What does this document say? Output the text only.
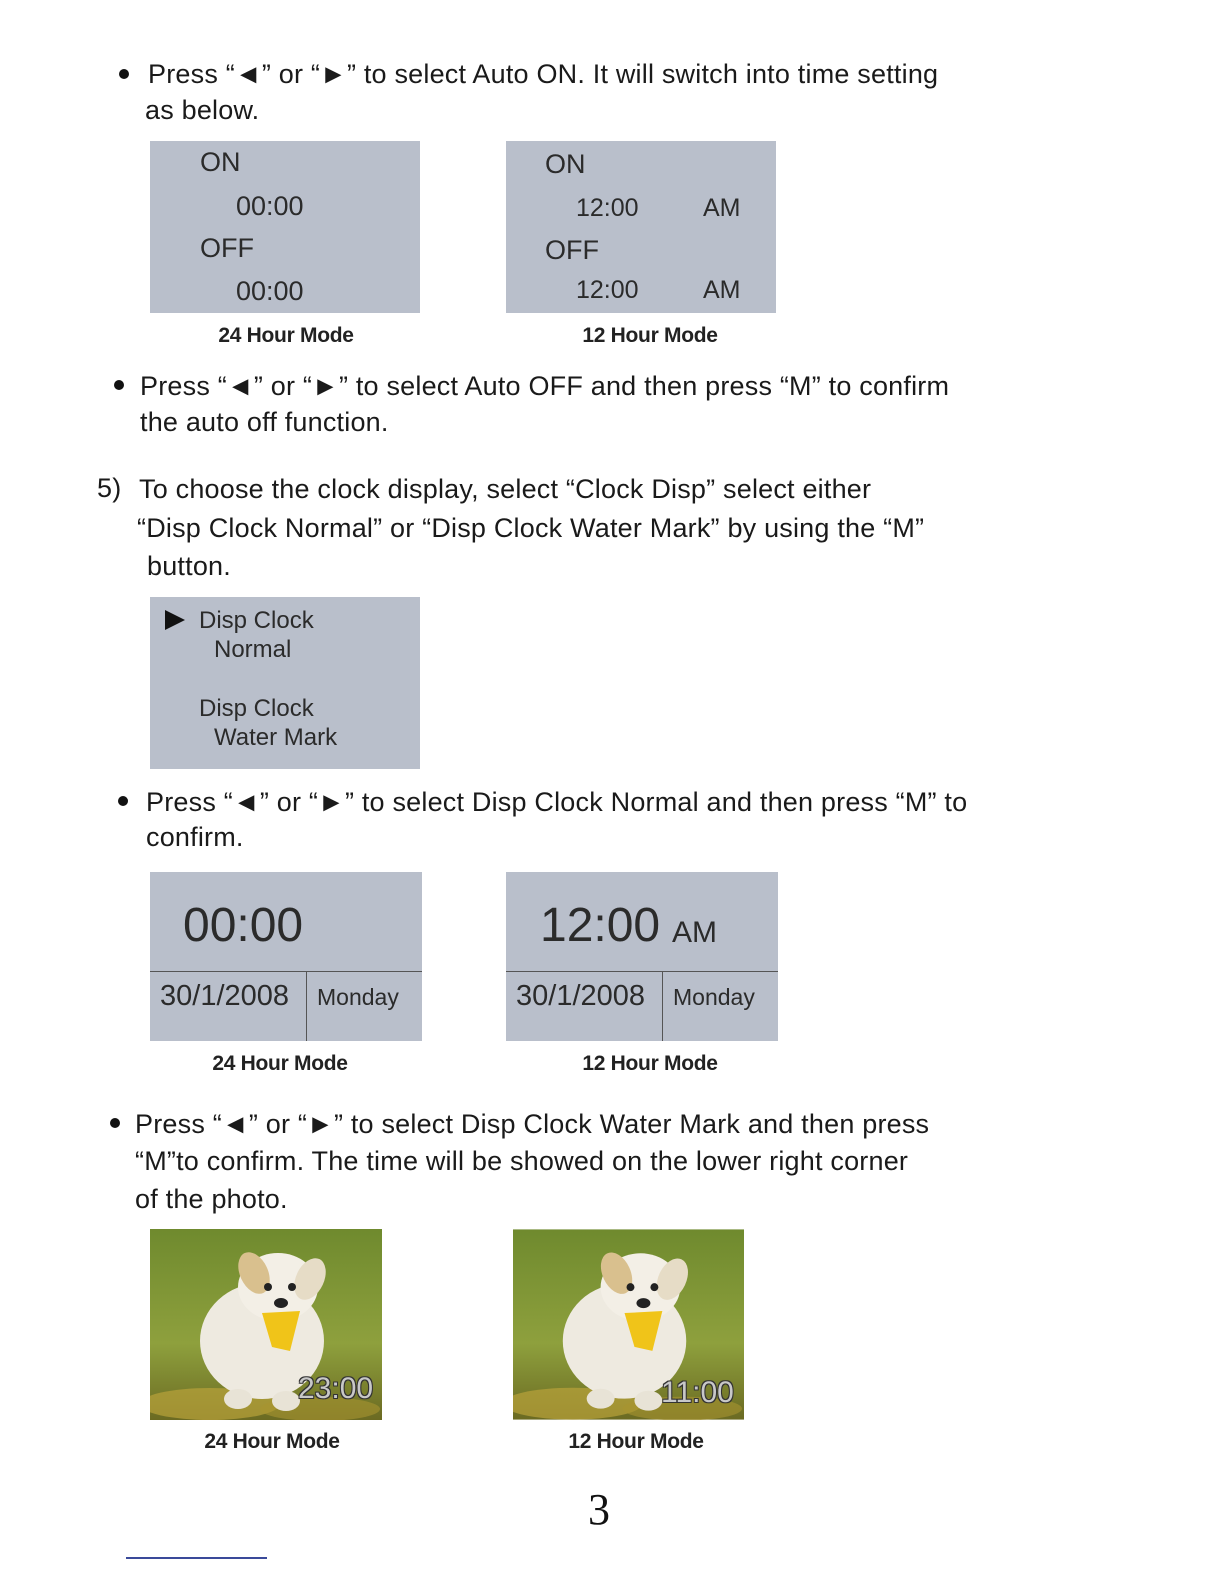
Press “◄” or “►” to select Auto ON. It will switch into time setting
as below.
ON
00:00
OFF
00:00
24 Hour Mode
ON
12:00	AM
OFF
12:00	AM
12 Hour Mode
Press “◄” or “►” to select Auto OFF and then press “M” to confirm
the auto off function.
5) To choose the clock display, select “Clock Disp” select either
“Disp Clock Normal” or “Disp Clock Water Mark” by using the “M”
button.
Disp Clock
Normal
Disp Clock
Water Mark
Press “◄” or “►” to select Disp Clock Normal and then press “M” to
confirm.
00:00
30/1/2008 Monday
24 Hour Mode
12:00 AM
30/1/2008 Monday
12 Hour Mode
Press “◄” or “►” to select Disp Clock Water Mark and then press
“M”to confirm. The time will be showed on the lower right corner
of the photo.
23:00
24 Hour Mode
11:00
12 Hour Mode
3
